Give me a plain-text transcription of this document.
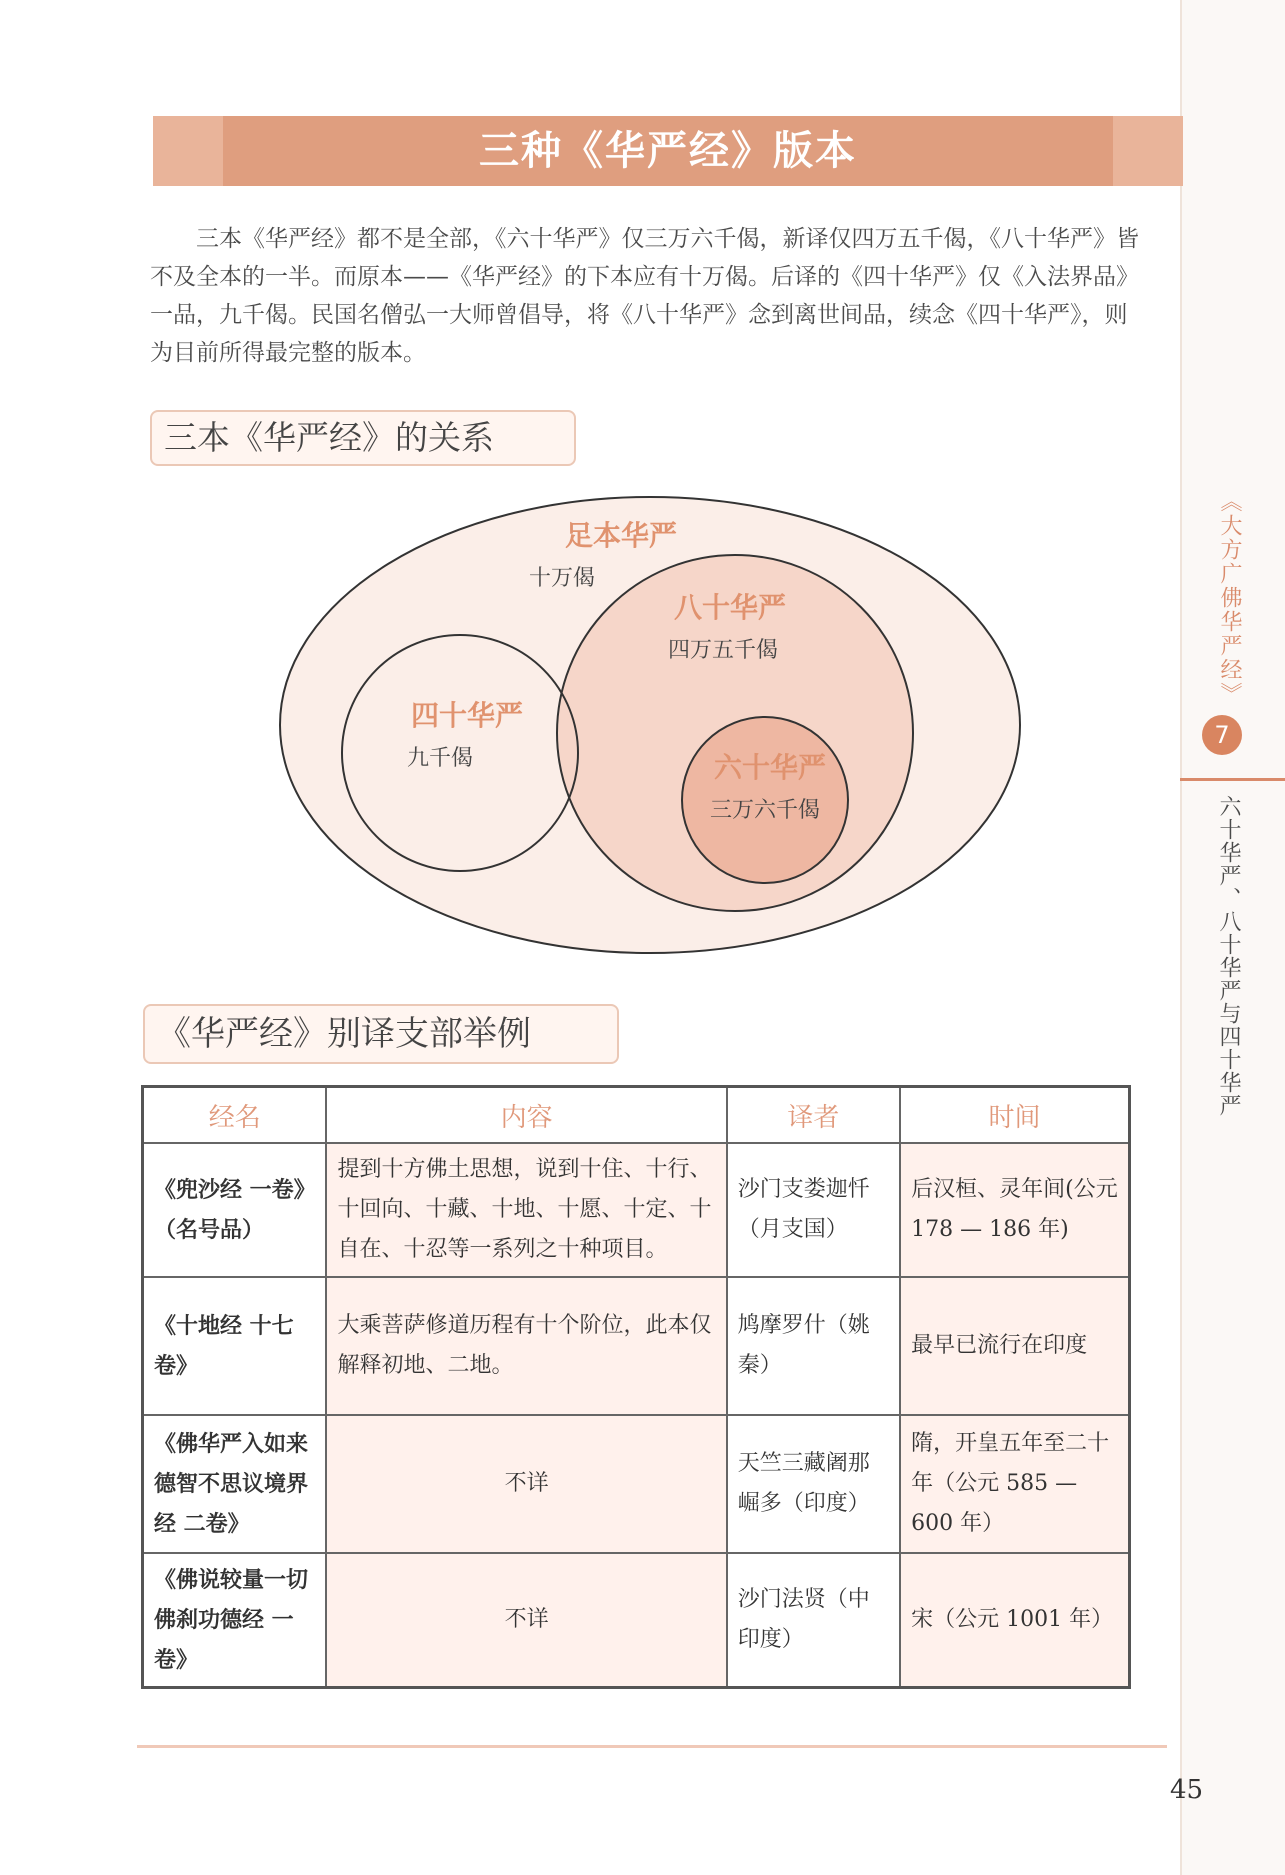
《大方广佛华严经》
7
六十华严、八十华严与四十华严
三种《华严经》版本

三本《华严经》都不是全部，《六十华严》仅三万六千偈，新译仅四万五千偈，《八十华严》皆不及全本的一半。而原本——《华严经》的下本应有十万偈。后译的《四十华严》仅《入法界品》一品，九千偈。民国名僧弘一大师曾倡导，将《八十华严》念到离世间品，续念《四十华严》，则为目前所得最完整的版本。

三本《华严经》的关系
足本华严
十万偈
八十华严
四万五千偈
四十华严
九千偈	六十华严
三万六千偈
《华严经》别译支部举例
经名	内容	译者	时间
《兜沙经 一卷》（名号品）	提到十方佛土思想，说到十住、十行、十回向、十藏、十地、十愿、十定、十自在、十忍等一系列之十种项目。	沙门支娄迦忏（月支国）	后汉桓、灵年间(公元 178 — 186 年)
《十地经 十七卷》	大乘菩萨修道历程有十个阶位，此本仅解释初地、二地。	鸠摩罗什（姚秦）	最早已流行在印度
《佛华严入如来德智不思议境界经 二卷》	不详	天竺三藏阇那崛多（印度）	隋，开皇五年至二十年（公元 585 — 600 年）
《佛说较量一切佛刹功德经 一卷》	不详	沙门法贤（中印度）	宋（公元 1001 年）
45
